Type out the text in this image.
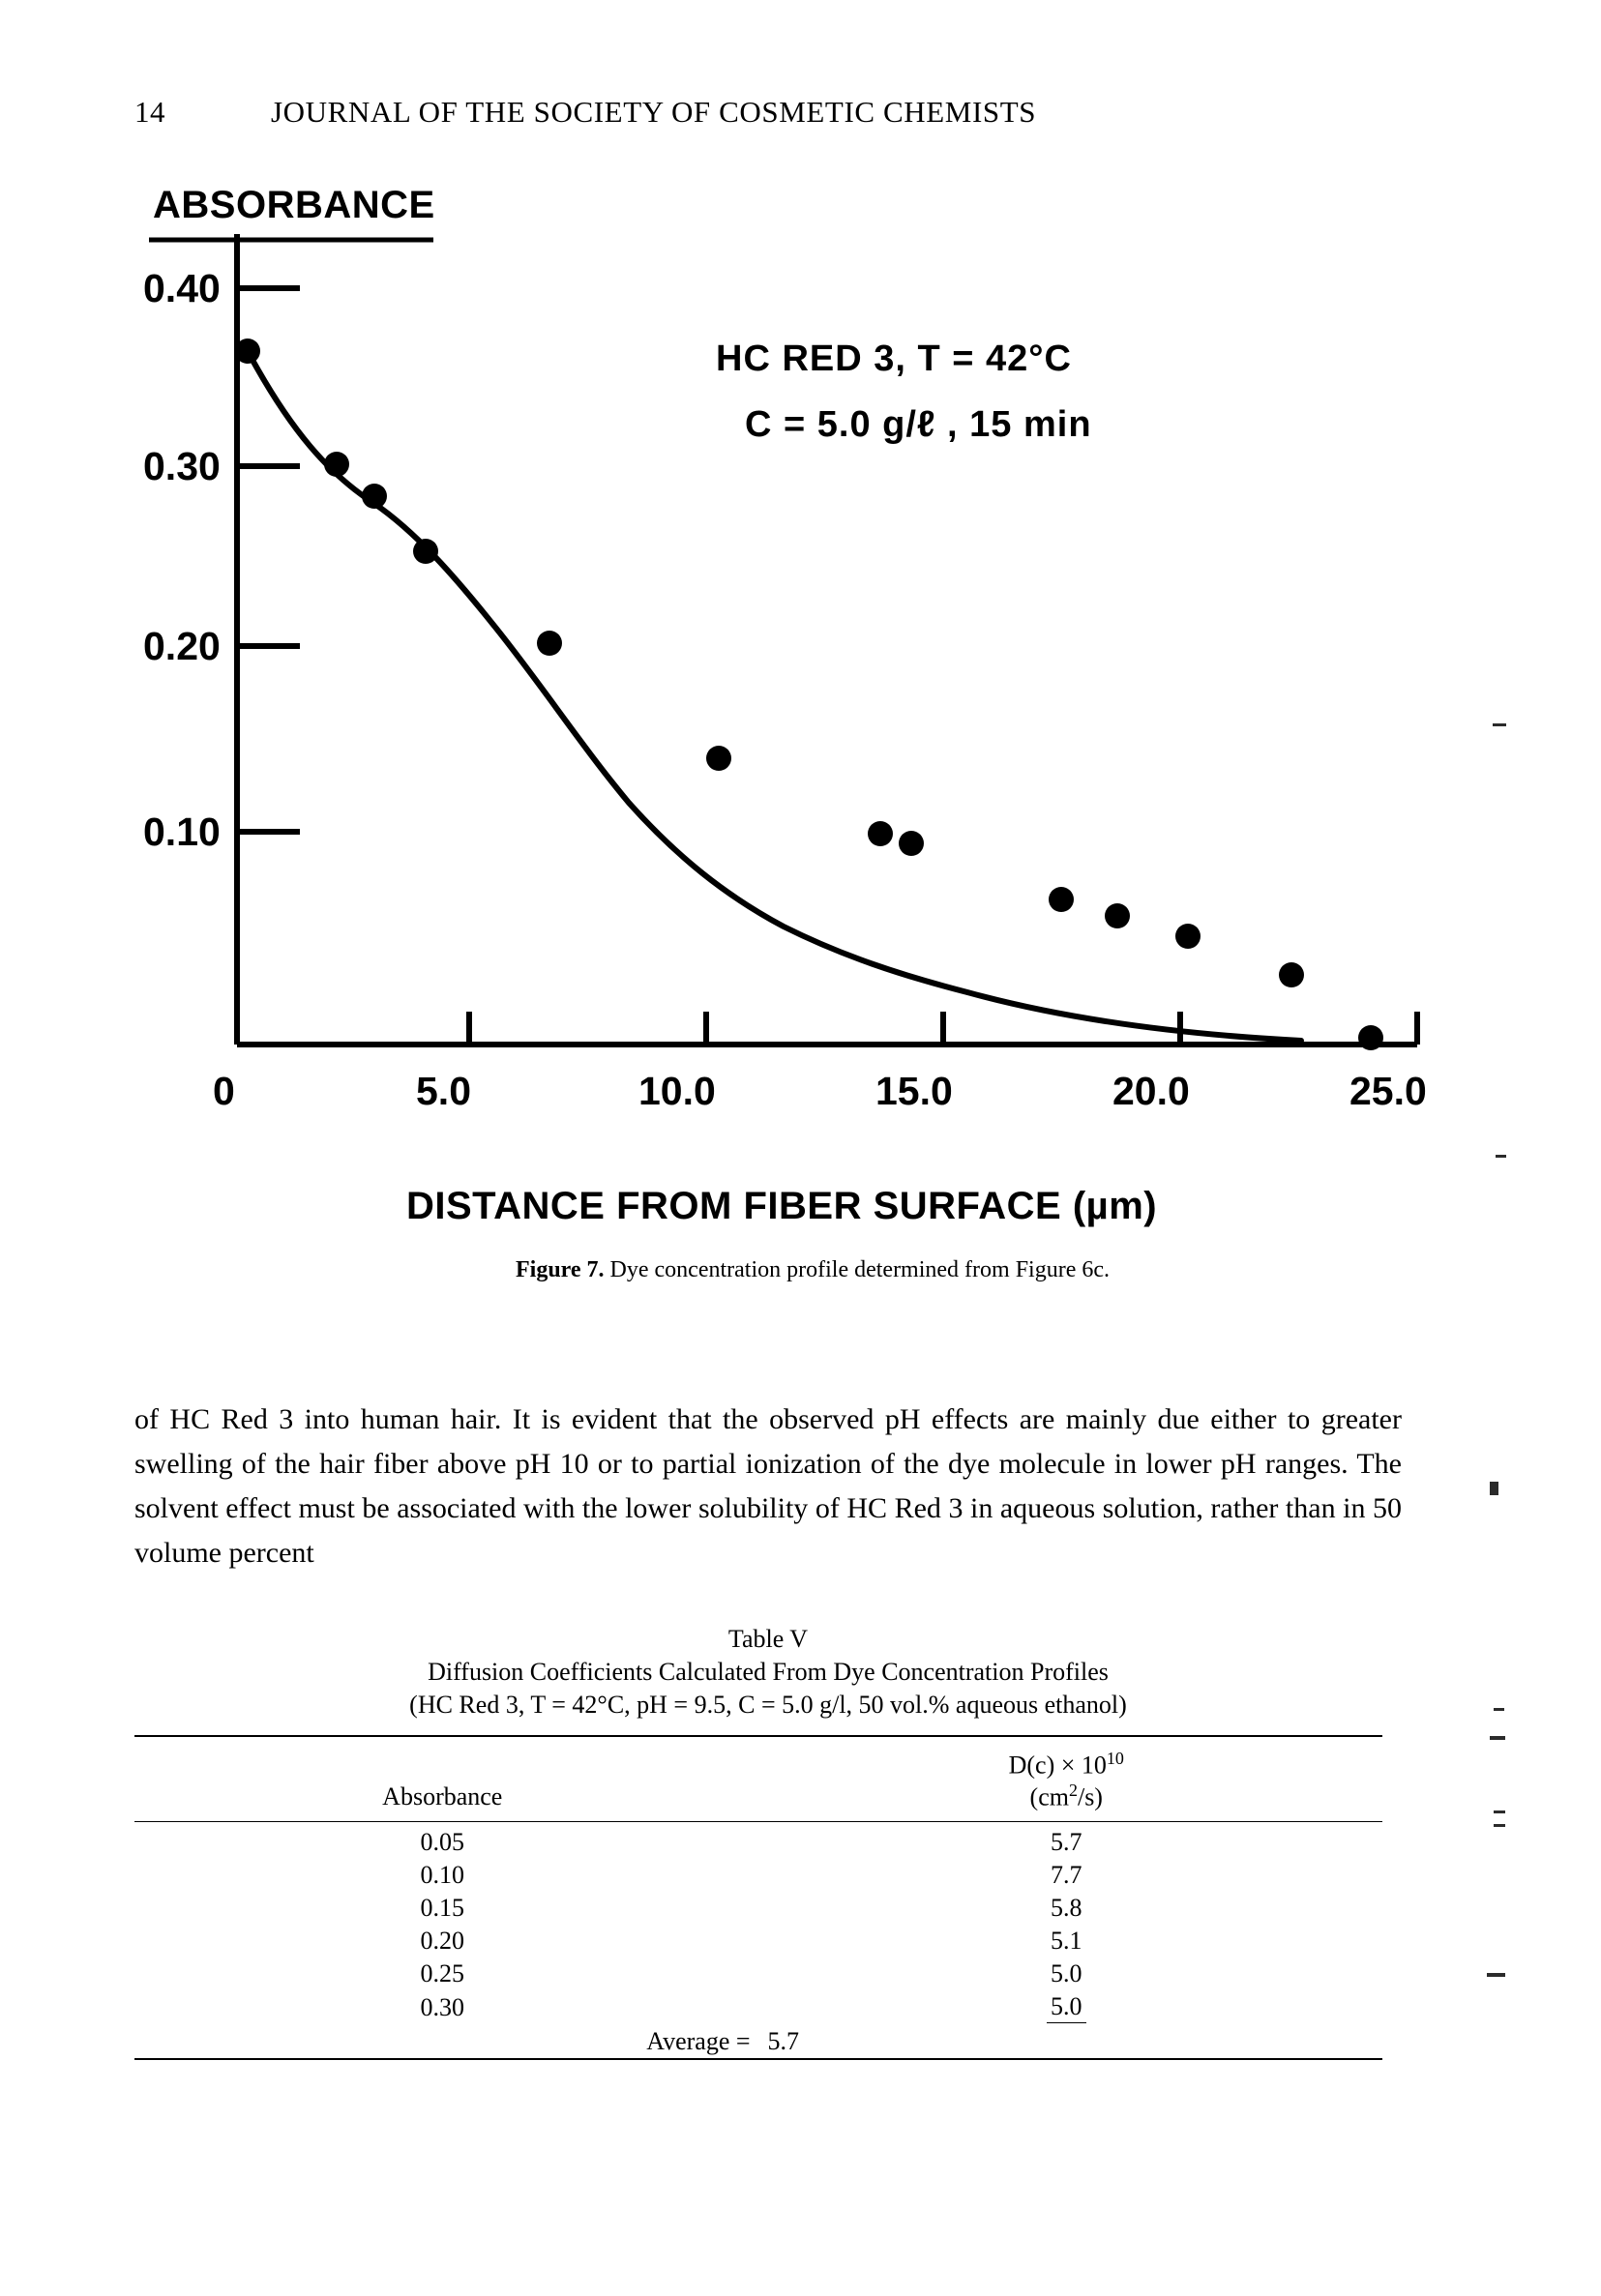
14	JOURNAL OF THE SOCIETY OF COSMETIC CHEMISTS
ABSORBANCE
0.40
0.30
0.20
0.10
0	5.0	10.0	15.0	20.0	25.0
HC RED 3, T = 42°C
C = 5.0 g/ℓ , 15 min
DISTANCE FROM FIBER SURFACE (µm)
Figure 7. Dye concentration profile determined from Figure 6c.
of HC Red 3 into human hair. It is evident that the observed pH effects are mainly due either to greater swelling of the hair fiber above pH 10 or to partial ionization of the dye molecule in lower pH ranges. The solvent effect must be associated with the lower solubility of HC Red 3 in aqueous solution, rather than in 50 volume percent
Table V
Diffusion Coefficients Calculated From Dye Concentration Profiles
(HC Red 3, T = 42°C, pH = 9.5, C = 5.0 g/l, 50 vol.% aqueous ethanol)

Absorbance	$D(c) \times 10^{10}$
$(cm^2/s)$

0.05	5.7
0.10	7.7
0.15	5.8
0.20	5.1
0.25	5.0
0.30	5.0
Average =	5.7
